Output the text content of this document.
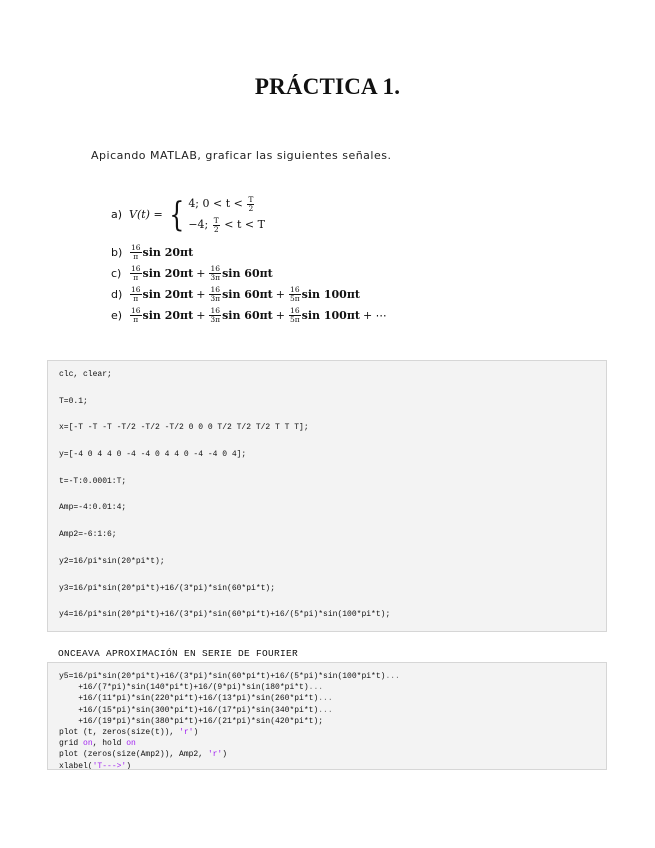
PRÁCTICA 1.
Apicando MATLAB, graficar las siguientes señales.
a) V(t) = { 4; $0 < t < \frac{T}{2}$
−4; $\frac{T}{2} < t < T$
b)	$\frac{16}{\pi}$ sin 20πt
c)	$\frac{16}{\pi}$ $\sin 20\pi t + \frac{16}{3\pi}$ sin 60πt
d)	$\frac{16}{\pi}$ $\sin 20\pi t + \frac{16}{3\pi}$ $\sin 60\pi t + \frac{16}{5\pi}$ sin 100πt
e)	$\frac{16}{\pi}$ $\sin 20\pi t + \frac{16}{3\pi}$ $\sin 60\pi t + \frac{16}{5\pi}$ sin 100πt + ⋯
clc, clear;
T=0.1;
x=[-T -T -T -T/2 -T/2 -T/2 0 0 0 T/2 T/2 T/2 T T T];
y=[-4 0 4 4 0 -4 -4 0 4 4 0 -4 -4 0 4];
t=-T:0.0001:T;
Amp=-4:0.01:4;
Amp2=-6:1:6;
y2=16/pi*sin(20*pi*t);
y3=16/pi*sin(20*pi*t)+16/(3*pi)*sin(60*pi*t);
y4=16/pi*sin(20*pi*t)+16/(3*pi)*sin(60*pi*t)+16/(5*pi)*sin(100*pi*t);
ONCEAVA APROXIMACIÓN EN SERIE DE FOURIER
y5=16/pi*sin(20*pi*t)+16/(3*pi)*sin(60*pi*t)+16/(5*pi)*sin(100*pi*t)...
+16/(7*pi)*sin(140*pi*t)+16/(9*pi)*sin(180*pi*t)...
+16/(11*pi)*sin(220*pi*t)+16/(13*pi)*sin(260*pi*t)...
+16/(15*pi)*sin(300*pi*t)+16/(17*pi)*sin(340*pi*t)...
+16/(19*pi)*sin(380*pi*t)+16/(21*pi)*sin(420*pi*t);
plot (t, zeros(size(t)), 'r')
grid on, hold on
plot (zeros(size(Amp2)), Amp2, 'r')
xlabel('T--->')
